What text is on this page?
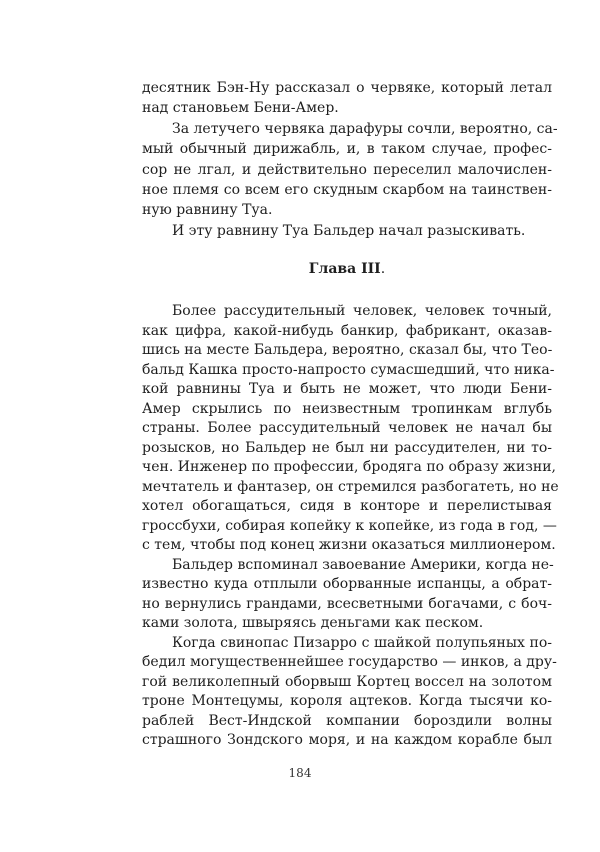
десятник Бэн-Ну рассказал о червяке, который летал
над становьем Бени-Амер.
За летучего червяка дарафуры сочли, вероятно, са-
мый обычный дирижабль, и, в таком случае, профес-
сор не лгал, и действительно переселил малочислен-
ное племя со всем его скудным скарбом на таинствен-
ную равнину Туа.
И эту равнину Туа Бальдер начал разыскивать.
Глава III.
Более рассудительный человек, человек точный,
как цифра, какой-нибудь банкир, фабрикант, оказав-
шись на месте Бальдера, вероятно, сказал бы, что Тео-
бальд Кашка просто-напросто сумасшедший, что ника-
кой равнины Туа и быть не может, что люди Бени-
Амер скрылись по неизвестным тропинкам вглубь
страны. Более рассудительный человек не начал бы
розысков, но Бальдер не был ни рассудителен, ни то-
чен. Инженер по профессии, бродяга по образу жизни,
мечтатель и фантазер, он стремился разбогатеть, но не
хотел обогащаться, сидя в конторе и перелистывая
гроссбухи, собирая копейку к копейке, из года в год, —
с тем, чтобы под конец жизни оказаться миллионером.
Бальдер вспоминал завоевание Америки, когда не-
известно куда отплыли оборванные испанцы, а обрат-
но вернулись грандами, всесветными богачами, с боч-
ками золота, швыряясь деньгами как песком.
Когда свинопас Пизарро с шайкой полупьяных по-
бедил могущественнейшее государство — инков, а дру-
гой великолепный оборвыш Кортец воссел на золотом
троне Монтецумы, короля ацтеков. Когда тысячи ко-
раблей Вест-Индской компании бороздили волны
страшного Зондского моря, и на каждом корабле был
184
